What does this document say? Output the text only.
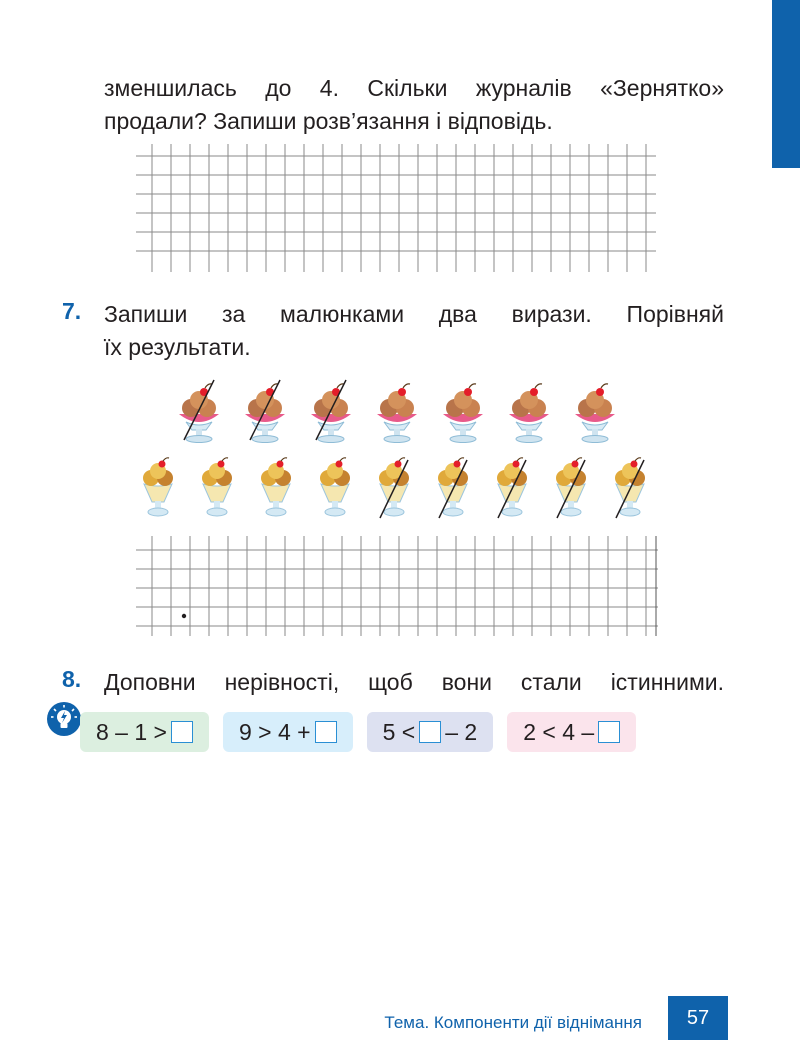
зменшилась до 4. Скільки журналів «Зернятко»
продали? Запиши розв’язання і відповідь.
7. Запиши за малюнками два вирази. Порівняй
їх результати.
8. Доповни нерівності, щоб вони стали істинними.
8 – 1 >	9 > 4 +	5 < – 2 2 < 4 –
Тема. Компоненти дії віднімання	57
